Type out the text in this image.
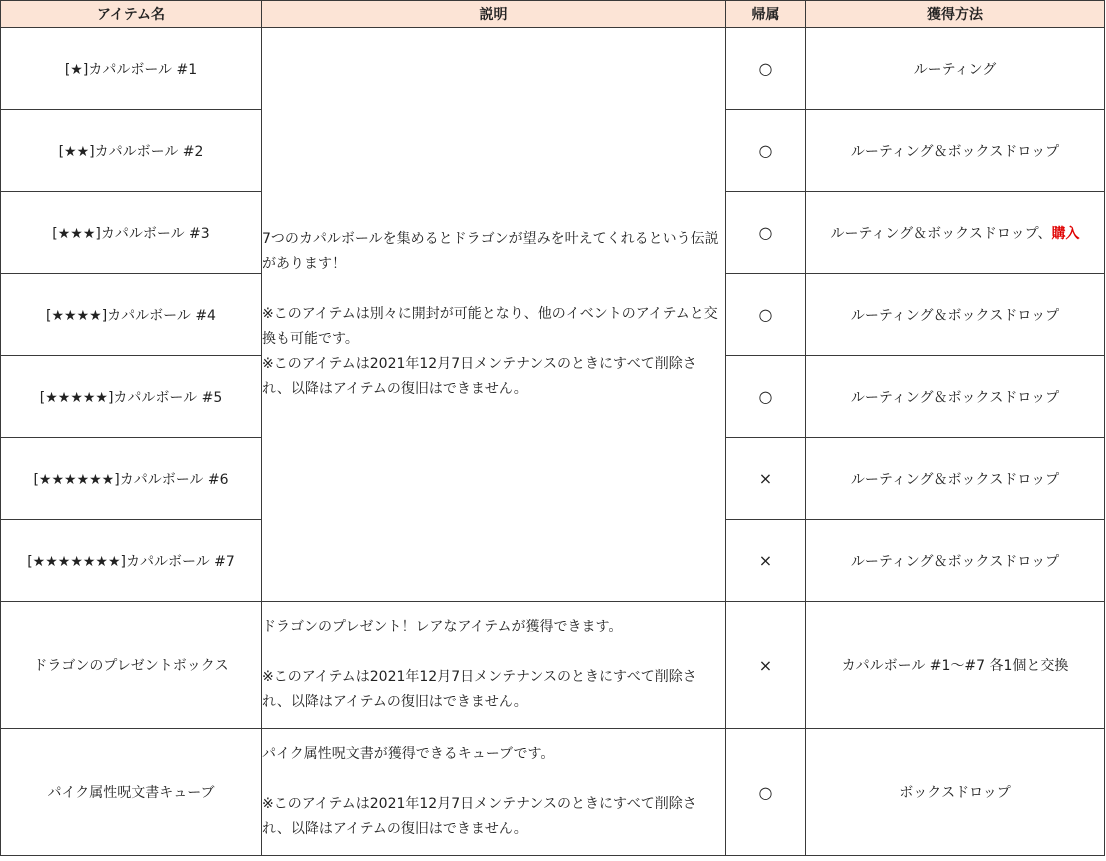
アイテム名	説明	帰属	獲得方法
[★]カパルボール #1	7つのカパルボールを集めるとドラゴンが望みを叶えてくれるという伝説があります！

※このアイテムは別々に開封が可能となり、他のイベントのアイテムと交換も可能です。

※このアイテムは2021年12月7日メンテナンスのときにすべて削除され、以降はアイテムの復旧はできません。	○	ルーティング
[★★]カパルボール #2		○	ルーティング＆ボックスドロップ
[★★★]カパルボール #3		○	ルーティング＆ボックスドロップ、購入
[★★★★]カパルボール #4		○	ルーティング＆ボックスドロップ
[★★★★★]カパルボール #5		○	ルーティング＆ボックスドロップ
[★★★★★★]カパルボール #6		×	ルーティング＆ボックスドロップ
[★★★★★★★]カパルボール #7		×	ルーティング＆ボックスドロップ
ドラゴンのプレゼントボックス	ドラゴンのプレゼント！レアなアイテムが獲得できます。

※このアイテムは2021年12月7日メンテナンスのときにすべて削除され、以降はアイテムの復旧はできません。	×	カパルボール #1～#7 各1個と交換
パイク属性呪文書キューブ	パイク属性呪文書が獲得できるキューブです。

※このアイテムは2021年12月7日メンテナンスのときにすべて削除され、以降はアイテムの復旧はできません。	○	ボックスドロップ
